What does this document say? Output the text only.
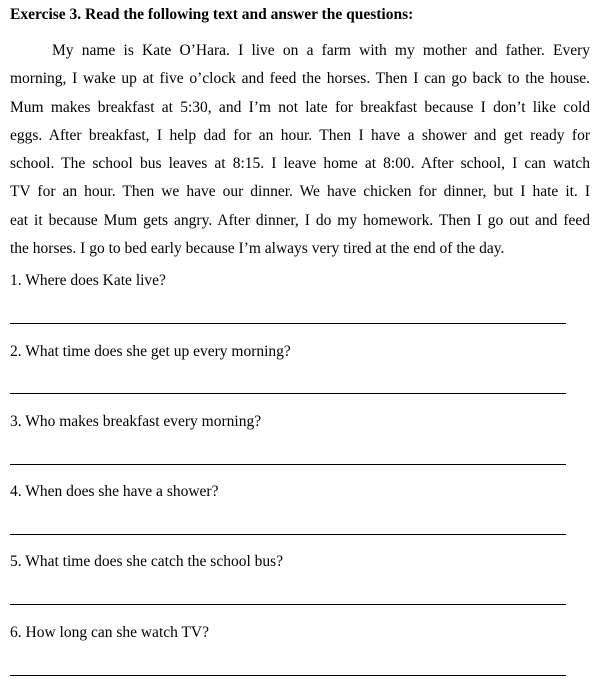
Exercise 3. Read the following text and answer the questions:
My name is Kate O’Hara. I live on a farm with my mother and father. Every
morning, I wake up at five o’clock and feed the horses. Then I can go back to the house.
Mum makes breakfast at 5:30, and I’m not late for breakfast because I don’t like cold
eggs. After breakfast, I help dad for an hour. Then I have a shower and get ready for
school. The school bus leaves at 8:15. I leave home at 8:00. After school, I can watch
TV for an hour. Then we have our dinner. We have chicken for dinner, but I hate it. I
eat it because Mum gets angry. After dinner, I do my homework. Then I go out and feed
the horses. I go to bed early because I’m always very tired at the end of the day.
1. Where does Kate live?
2. What time does she get up every morning?
3. Who makes breakfast every morning?
4. When does she have a shower?
5. What time does she catch the school bus?
6. How long can she watch TV?
